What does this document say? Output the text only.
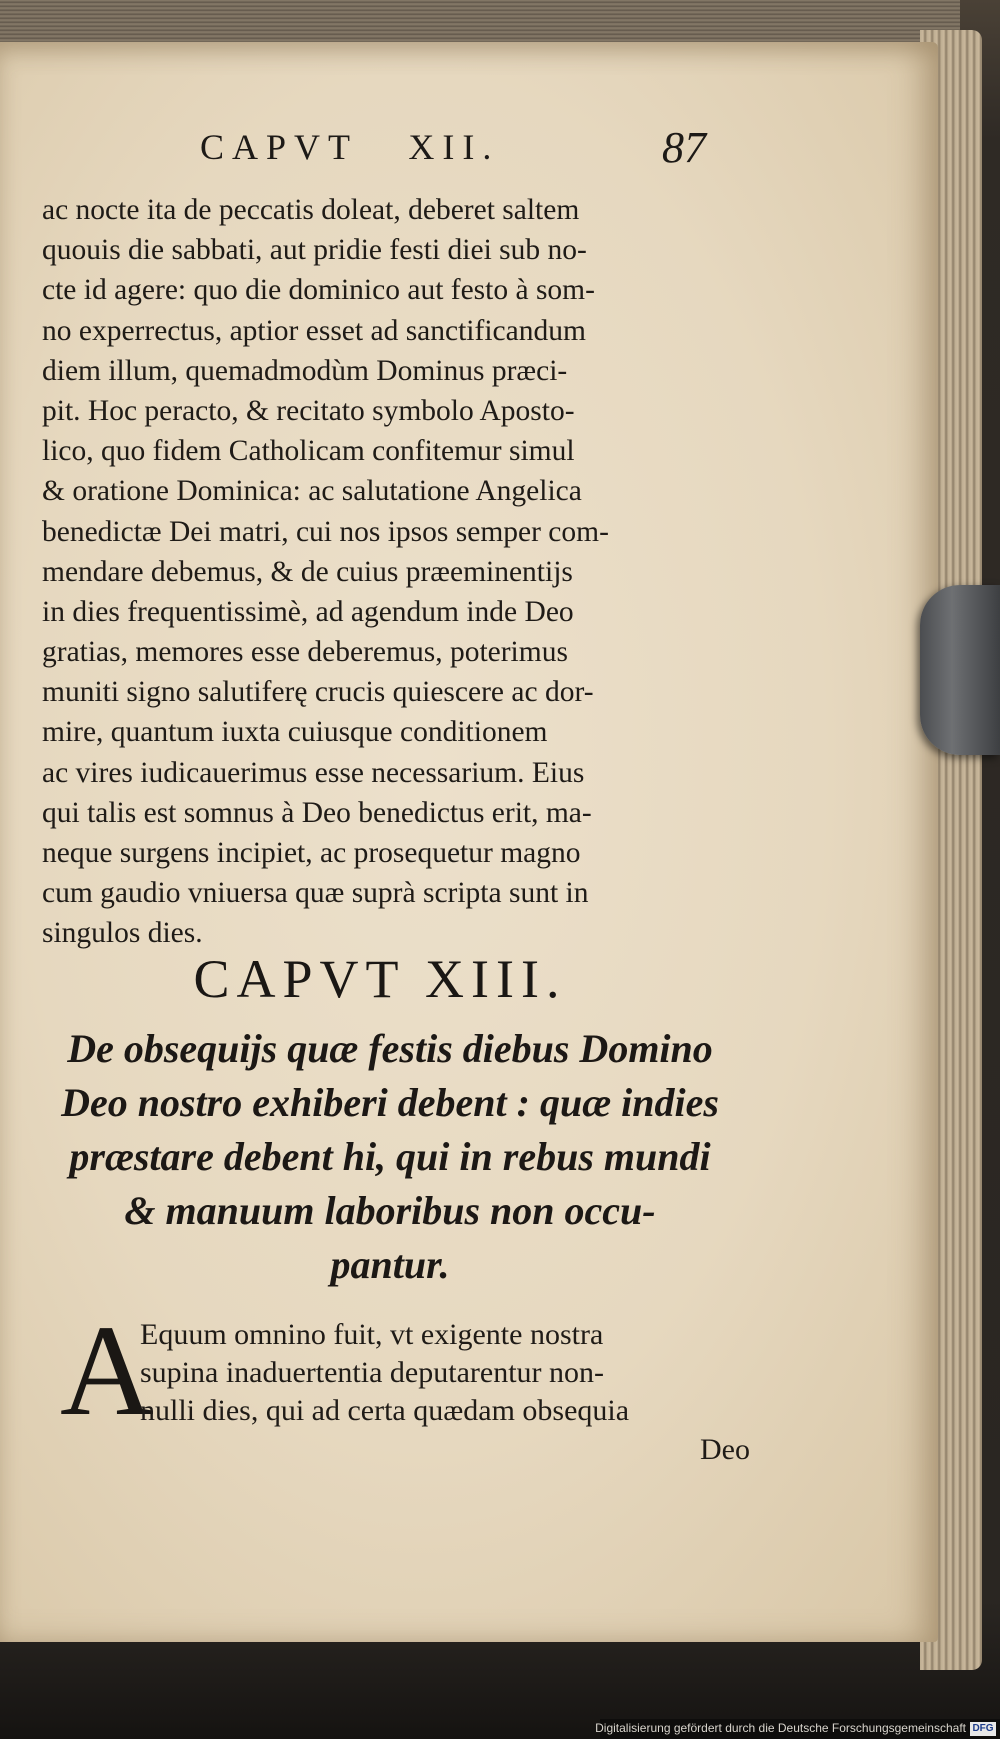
CAPVT   XII.	87
ac nocte ita de peccatis doleat, deberet saltem
quouis die sabbati, aut pridie festi diei sub no-
cte id agere: quo die dominico aut festo à som-
no experrectus, aptior esset ad sanctificandum
diem illum, quemadmodùm Dominus præci-
pit. Hoc peracto, & recitato symbolo Aposto-
lico, quo fidem Catholicam confitemur simul
& oratione Dominica: ac salutatione Angelica
benedictæ Dei matri, cui nos ipsos semper com-
mendare debemus, & de cuius præeminentijs
in dies frequentissimè, ad agendum inde Deo
gratias, memores esse deberemus, poterimus
muniti signo salutiferę crucis quiescere ac dor-
mire, quantum iuxta cuiusque conditionem
ac vires iudicauerimus esse necessarium. Eius
qui talis est somnus à Deo benedictus erit, ma-
neque surgens incipiet, ac prosequetur magno
cum gaudio vniuersa quæ suprà scripta sunt in
singulos dies.
CAPVT XIII.
De obsequijs quæ festis diebus Domino
Deo nostro exhiberi debent : quæ indies
præstare debent hi, qui in rebus mundi
& manuum laboribus non occu-
pantur.
A
Equum omnino fuit, vt exigente nostra
supina inaduertentia deputarentur non-
nulli dies, qui ad certa quædam obsequia
Deo
Digitalisierung gefördert durch die Deutsche Forschungsgemeinschaft DFG
